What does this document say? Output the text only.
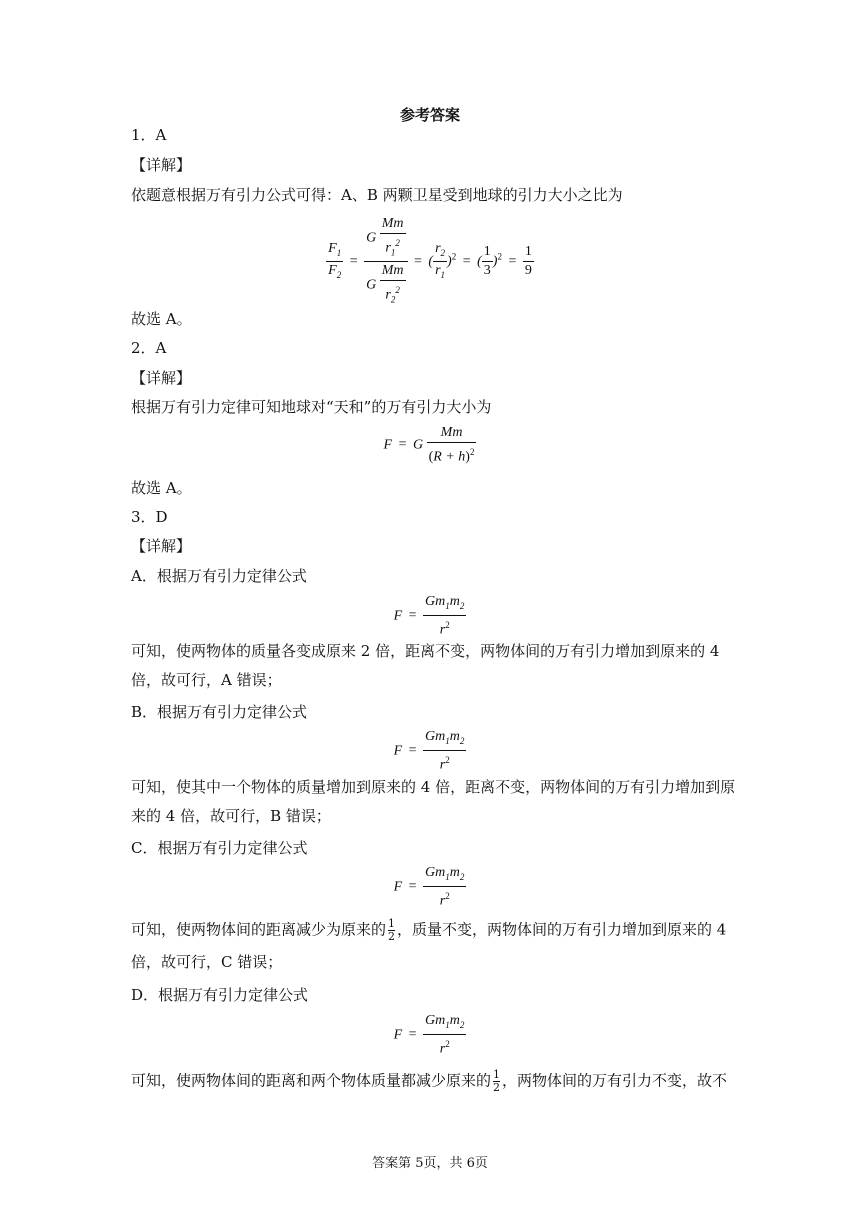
参考答案
1．A
【详解】
依题意根据万有引力公式可得：A、B 两颗卫星受到地球的引力大小之比为
$\frac{F_1}{F_2} = \frac{G \frac{Mm}{r_1^2}}{G \frac{Mm}{r_2^2}}$ = ( $\frac{r_2}{r_1} )^2$ = ( $\frac{1}{3} )^2 = \frac{1}{9}$
故选 A。
2．A
【详解】
根据万有引力定律可知地球对“天和”的万有引力大小为
F = G $\frac{Mm}{(R + h)^2}$
故选 A。
3．D
【详解】
A．根据万有引力定律公式
$F = \frac{Gm_1m_2}{r^2}$
可知，使两物体的质量各变成原来 2 倍，距离不变，两物体间的万有引力增加到原来的 4
倍，故可行，A 错误；
B．根据万有引力定律公式
$F = \frac{Gm_1m_2}{r^2}$
可知，使其中一个物体的质量增加到原来的 4 倍，距离不变，两物体间的万有引力增加到原
来的 4 倍，故可行，B 错误；
C．根据万有引力定律公式
$F = \frac{Gm_1m_2}{r^2}$
可知，使两物体间的距离减少为原来的 $\frac{1}{2}$ ，质量不变，两物体间的万有引力增加到原来的 4
倍，故可行，C 错误；
D．根据万有引力定律公式
$F = \frac{Gm_1m_2}{r^2}$
可知，使两物体间的距离和两个物体质量都减少原来的 $\frac{1}{2}$ ，两物体间的万有引力不变，故不
答案第 5页，共 6页
